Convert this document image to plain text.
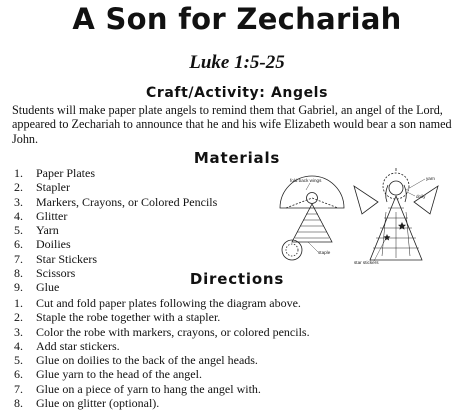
A Son for Zechariah
Luke 1:5-25
Craft/Activity: Angels
Students will make paper plate angels to remind them that Gabriel, an angel of the Lord, appeared to Zechariah to announce that he and his wife Elizabeth would bear a son named John.
Materials
1.	Paper Plates
2.	Stapler
3.	Markers, Crayons, or Colored Pencils
4.	Glitter
5.	Yarn
6.	Doilies
7.	Star Stickers
8.	Scissors
9.	Glue
fold back wings
staple
star stickers
yarn
doily
Directions
1.	Cut and fold paper plates following the diagram above.
2.	Staple the robe together with a stapler.
3.	Color the robe with markers, crayons, or colored pencils.
4.	Add star stickers.
5.	Glue on doilies to the back of the angel heads.
6.	Glue yarn to the head of the angel.
7.	Glue on a piece of yarn to hang the angel with.
8.	Glue on glitter (optional).
